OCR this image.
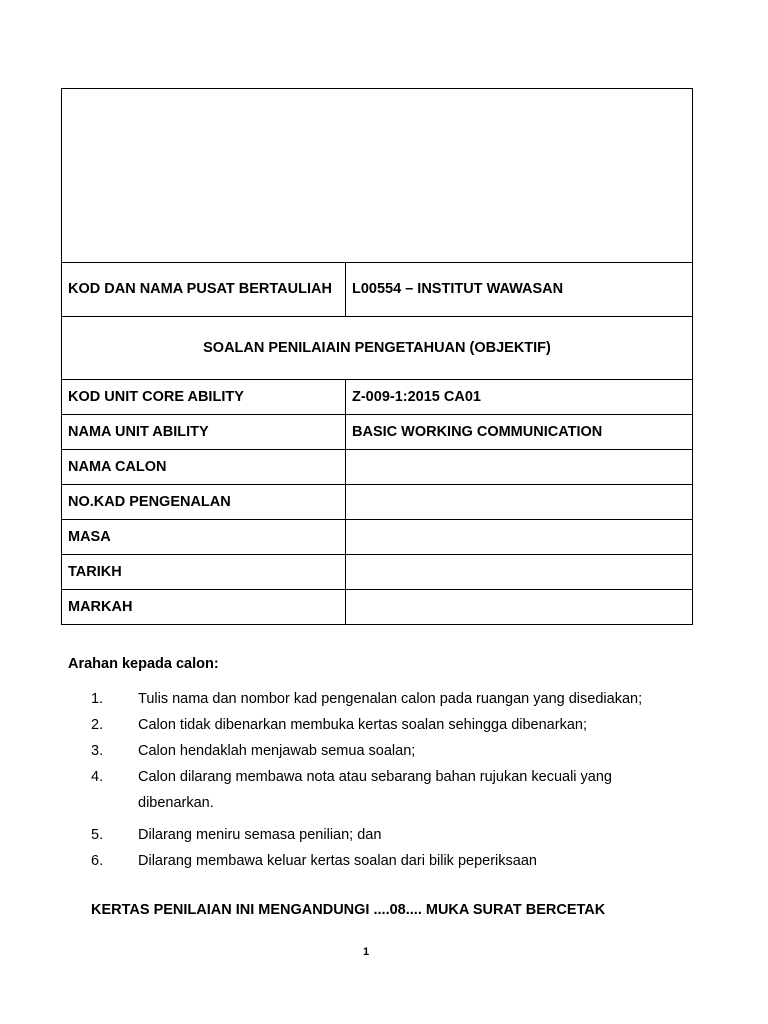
KOD DAN NAMA PUSAT BERTAULIAH	L00554 – INSTITUT WAWASAN
SOALAN PENILAIAIN PENGETAHUAN (OBJEKTIF)	
KOD UNIT CORE ABILITY	Z-009-1:2015 CA01
NAMA UNIT ABILITY	BASIC WORKING COMMUNICATION
NAMA CALON	
NO.KAD PENGENALAN	
MASA	
TARIKH	
MARKAH	
Arahan kepada calon:
1. Tulis nama dan nombor kad pengenalan calon pada ruangan yang disediakan;
2. Calon tidak dibenarkan membuka kertas soalan sehingga dibenarkan;
3. Calon hendaklah menjawab semua soalan;
4. Calon dilarang membawa nota atau sebarang bahan rujukan kecuali yang dibenarkan.
5. Dilarang meniru semasa penilian; dan
6. Dilarang membawa keluar kertas soalan dari bilik peperiksaan
KERTAS PENILAIAN INI MENGANDUNGI ....08.... MUKA SURAT BERCETAK
1
